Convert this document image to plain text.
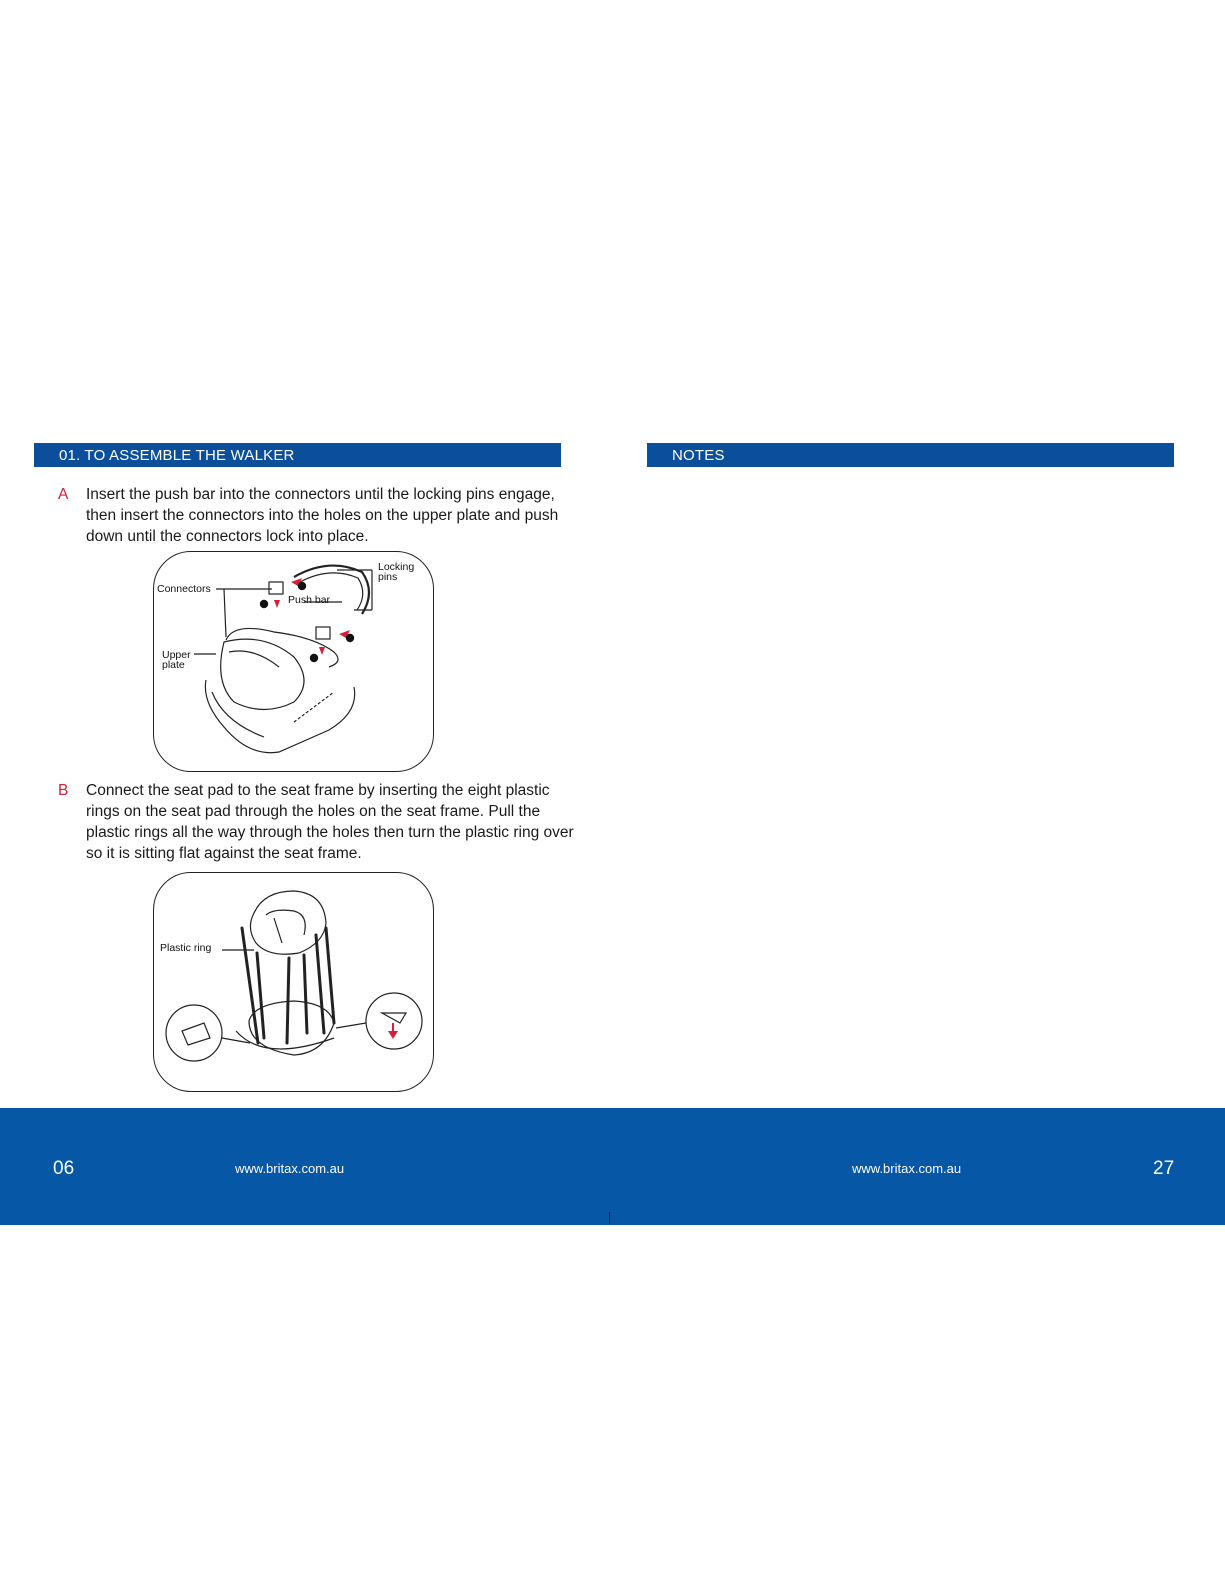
01. TO ASSEMBLE THE WALKER	NOTES
A Insert the push bar into the connectors until the locking pins engage, then insert the connectors into the holes on the upper plate and push down until the connectors lock into place.
Connectors
Push bar
Locking
pins
Upper
plate
B Connect the seat pad to the seat frame by inserting the eight plastic rings on the seat pad through the holes on the seat frame. Pull the plastic rings all the way through the holes then turn the plastic ring over so it is sitting flat against the seat frame.
Plastic ring
06	www.britax.com.au	www.britax.com.au	27
